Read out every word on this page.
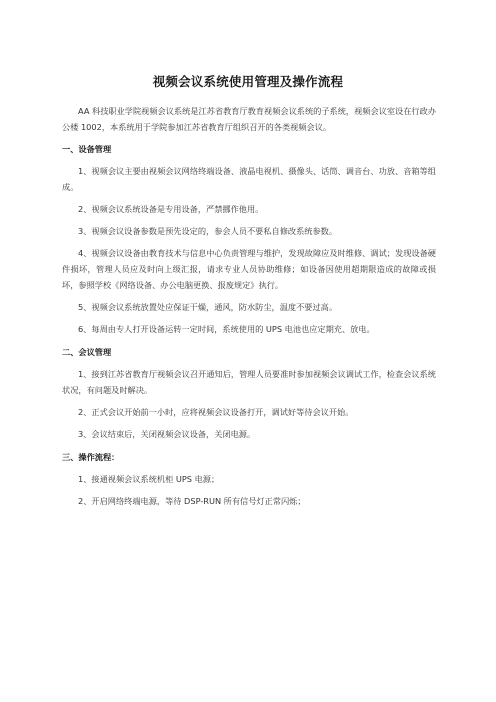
视频会议系统使用管理及操作流程

AA 科技职业学院视频会议系统是江苏省教育厅教育视频会议系统的子系统，视频会议室设在行政办公楼 1002，本系统用于学院参加江苏省教育厅组织召开的各类视频会议。

一、设备管理

1、视频会议主要由视频会议网络终端设备、液晶电视机、摄像头、话筒、调音台、功放、音箱等组成。

2、视频会议系统设备是专用设备，严禁挪作他用。

3、视频会议设备参数是预先设定的，参会人员不要私自修改系统参数。

4、视频会议设备由教育技术与信息中心负责管理与维护，发现故障应及时维修、调试；发现设备硬件损坏，管理人员应及时向上级汇报，请求专业人员协助维修；如设备因使用超期限造成的故障或损坏，参照学校《网络设备、办公电脑更换、报废规定》执行。

5、视频会议系统放置处应保证干燥，通风，防水防尘，温度不要过高。

6、每周由专人打开设备运转一定时间，系统使用的 UPS 电池也应定期充、放电。

二、会议管理

1、接到江苏省教育厅视频会议召开通知后，管理人员要准时参加视频会议调试工作，检查会议系统状况，有问题及时解决。

2、正式会议开始前一小时，应将视频会议设备打开，调试好等待会议开始。

3、会议结束后，关闭视频会议设备，关闭电源。

三、操作流程：

1、接通视频会议系统机柜 UPS 电源；

2、开启网络终端电源，等待 DSP-RUN 所有信号灯正常闪烁；
